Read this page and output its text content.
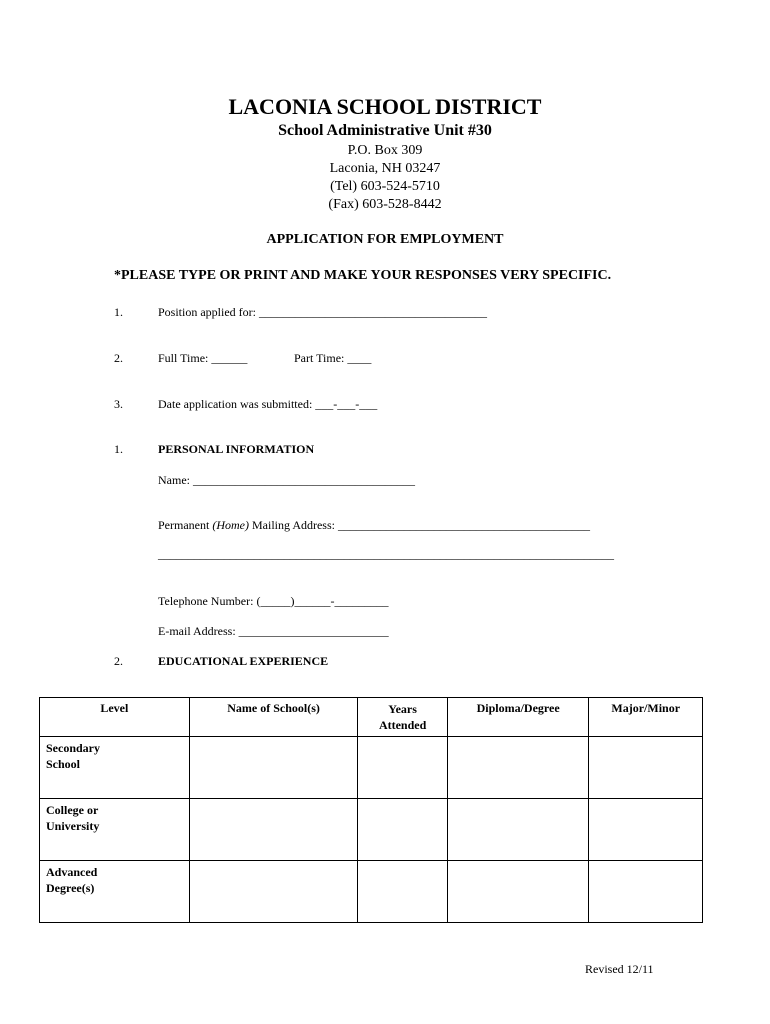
LACONIA SCHOOL DISTRICT
School Administrative Unit #30
P.O. Box 309
Laconia, NH 03247
(Tel) 603-524-5710
(Fax) 603-528-8442
APPLICATION FOR EMPLOYMENT
*PLEASE TYPE OR PRINT AND MAKE YOUR RESPONSES VERY SPECIFIC.
1.	Position applied for: ______________________________________
2.	Full Time: ______	Part Time: ____
3.	Date application was submitted: ___-___-___
1.	PERSONAL INFORMATION
Name: _____________________________________
Permanent (Home) Mailing Address: __________________________________________
____________________________________________________________________________
Telephone Number: (_____)______-_________
E-mail Address: _________________________
2.	EDUCATIONAL EXPERIENCE
Level	Name of School(s)	Years Attended	Diploma/Degree	Major/Minor
Secondary School				
College or University				
Advanced Degree(s)				
Revised 12/11
